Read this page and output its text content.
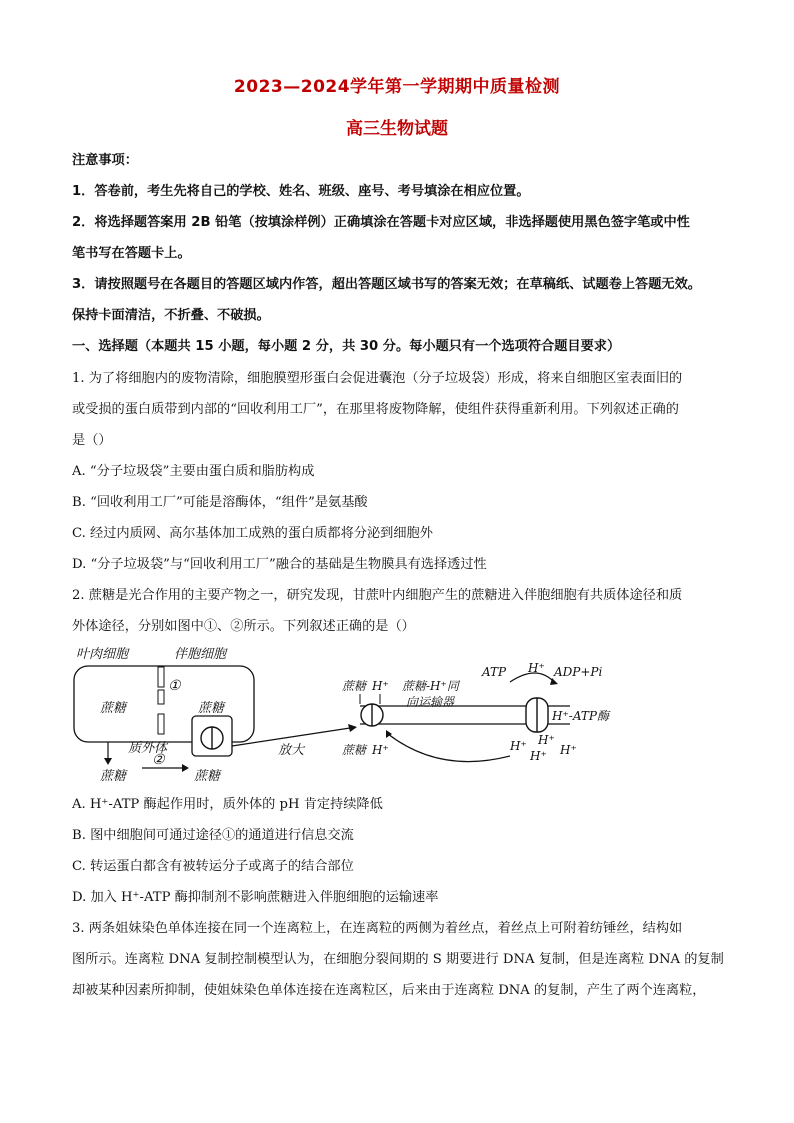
2023—2024学年第一学期期中质量检测
高三生物试题
注意事项：
1．答卷前，考生先将自己的学校、姓名、班级、座号、考号填涂在相应位置。
2．将选择题答案用 2B 铅笔（按填涂样例）正确填涂在答题卡对应区域，非选择题使用黑色签字笔或中性
笔书写在答题卡上。
3．请按照题号在各题目的答题区域内作答，超出答题区域书写的答案无效；在草稿纸、试题卷上答题无效。
保持卡面清洁，不折叠、不破损。
一、选择题（本题共 15 小题，每小题 2 分，共 30 分。每小题只有一个选项符合题目要求）
1. 为了将细胞内的废物清除，细胞膜塑形蛋白会促进囊泡（分子垃圾袋）形成，将来自细胞区室表面旧的
或受损的蛋白质带到内部的“回收利用工厂”，在那里将废物降解，使组件获得重新利用。下列叙述正确的
是（）
A. “分子垃圾袋”主要由蛋白质和脂肪构成
B. “回收利用工厂”可能是溶酶体，“组件”是氨基酸
C. 经过内质网、高尔基体加工成熟的蛋白质都将分泌到细胞外
D. “分子垃圾袋”与“回收利用工厂”融合的基础是生物膜具有选择透过性
2. 蔗糖是光合作用的主要产物之一，研究发现，甘蔗叶内细胞产生的蔗糖进入伴胞细胞有共质体途径和质
外体途径，分别如图中①、②所示。下列叙述正确的是（）
叶肉细胞	伴胞细胞
①
蔗糖	蔗糖
质外体
②
蔗糖	蔗糖
放大
蔗糖 H⁺ 蔗糖-H⁺同
向运输器
蔗糖 H⁺
ATP H⁺ ADP+Pi
H⁺-ATP酶
H⁺ H⁺
H⁺ H⁺
A. H⁺-ATP 酶起作用时，质外体的 pH 肯定持续降低
B. 图中细胞间可通过途径①的通道进行信息交流
C. 转运蛋白都含有被转运分子或离子的结合部位
D. 加入 H⁺-ATP 酶抑制剂不影响蔗糖进入伴胞细胞的运输速率
3. 两条姐妹染色单体连接在同一个连离粒上，在连离粒的两侧为着丝点，着丝点上可附着纺锤丝，结构如
图所示。连离粒 DNA 复制控制模型认为，在细胞分裂间期的 S 期要进行 DNA 复制，但是连离粒 DNA 的复制
却被某种因素所抑制，使姐妹染色单体连接在连离粒区，后来由于连离粒 DNA 的复制，产生了两个连离粒，
